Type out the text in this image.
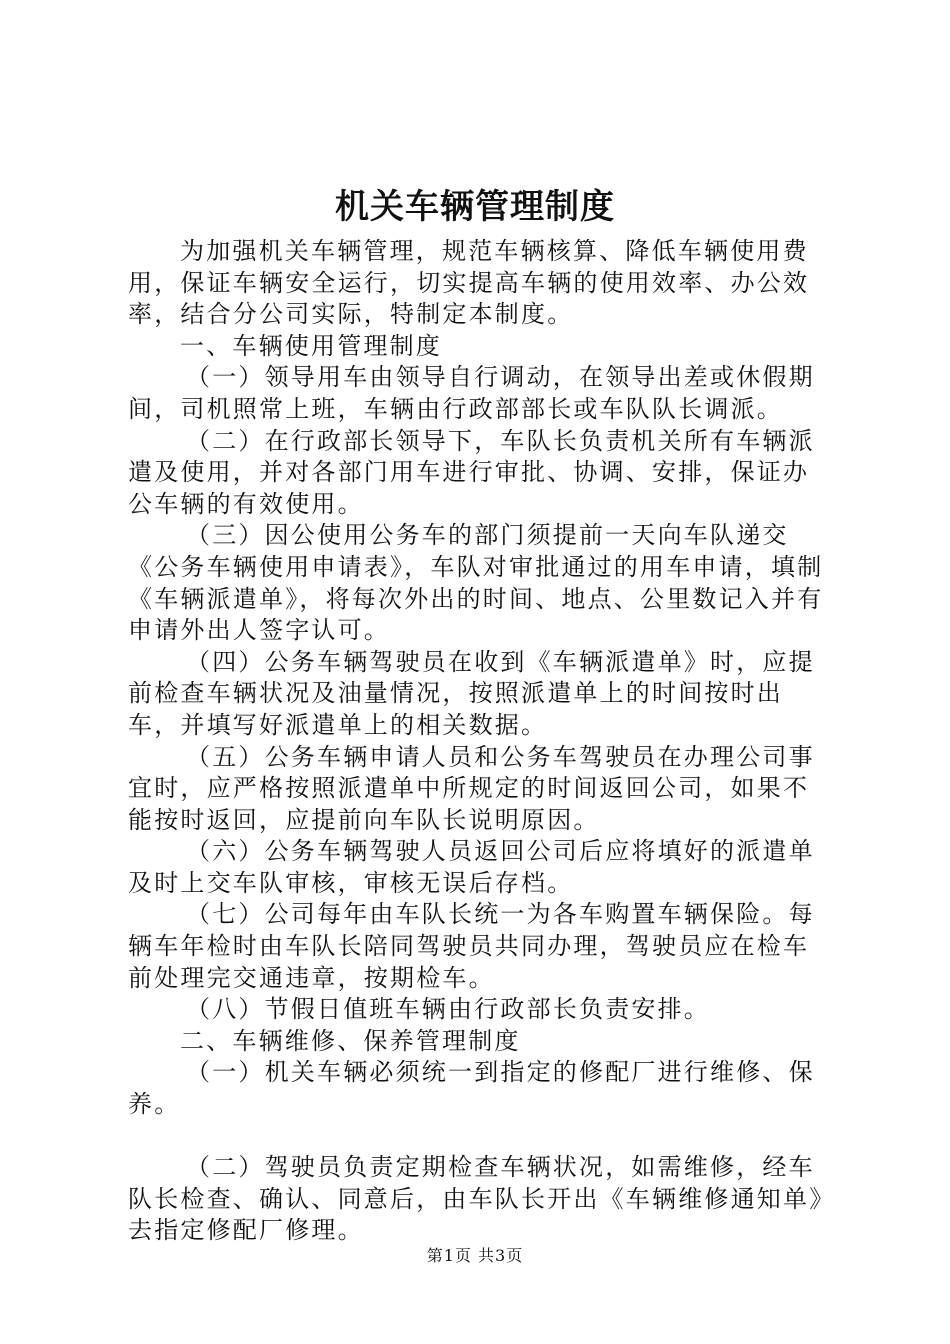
机关车辆管理制度

为加强机关车辆管理，规范车辆核算、降低车辆使用费用，保证车辆安全运行，切实提高车辆的使用效率、办公效率，结合分公司实际，特制定本制度。

一、车辆使用管理制度

（一）领导用车由领导自行调动，在领导出差或休假期间，司机照常上班，车辆由行政部部长或车队队长调派。

（二）在行政部长领导下，车队长负责机关所有车辆派遣及使用，并对各部门用车进行审批、协调、安排，保证办公车辆的有效使用。

（三）因公使用公务车的部门须提前一天向车队递交《公务车辆使用申请表》，车队对审批通过的用车申请，填制《车辆派遣单》，将每次外出的时间、地点、公里数记入并有申请外出人签字认可。

（四）公务车辆驾驶员在收到《车辆派遣单》时，应提前检查车辆状况及油量情况，按照派遣单上的时间按时出车，并填写好派遣单上的相关数据。

（五）公务车辆申请人员和公务车驾驶员在办理公司事宜时，应严格按照派遣单中所规定的时间返回公司，如果不能按时返回，应提前向车队长说明原因。

（六）公务车辆驾驶人员返回公司后应将填好的派遣单及时上交车队审核，审核无误后存档。

（七）公司每年由车队长统一为各车购置车辆保险。每辆车年检时由车队长陪同驾驶员共同办理，驾驶员应在检车前处理完交通违章，按期检车。

（八）节假日值班车辆由行政部长负责安排。

二、车辆维修、保养管理制度

（一）机关车辆必须统一到指定的修配厂进行维修、保养。

（二）驾驶员负责定期检查车辆状况，如需维修，经车队长检查、确认、同意后，由车队长开出《车辆维修通知单》去指定修配厂修理。

第1页 共3页
